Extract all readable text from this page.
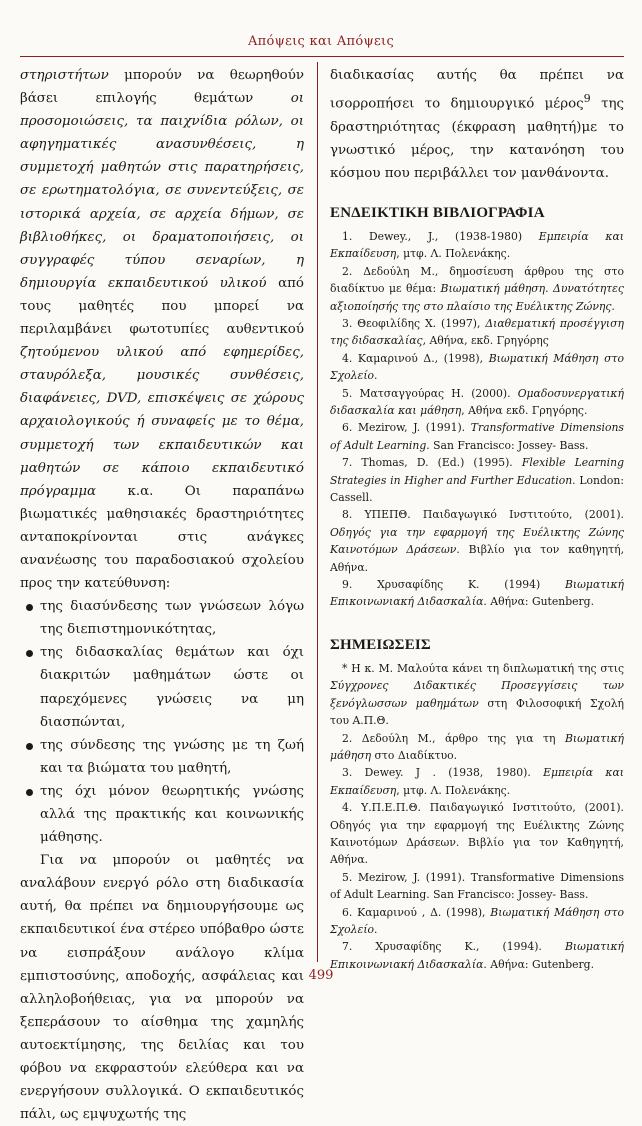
Απόψεις και Απόψεις

στηριστήτων μπορούν να θεωρηθούν βάσει επιλογής θεμάτων οι προσομοιώσεις, τα παιχνίδια ρόλων, οι αφηγηματικές ανασυνθέσεις, η συμμετοχή μαθητών στις παρατηρήσεις, σε ερωτηματολόγια, σε συνεντεύξεις, σε ιστορικά αρχεία, σε αρχεία δήμων, σε βιβλιοθήκες, οι δραματοποιήσεις, οι συγγραφές τύπου σεναρίων, η δημιουργία εκπαιδευτικού υλικού από τους μαθητές που μπορεί να περιλαμβάνει φωτοτυπίες αυθεντικού ζητούμενου υλικού από εφημερίδες, σταυρόλεξα, μουσικές συνθέσεις, διαφάνειες, DVD, επισκέψεις σε χώρους αρχαιολογικούς ή συναφείς με το θέμα, συμμετοχή των εκπαιδευτικών και μαθητών σε κάποιο εκπαιδευτικό πρόγραμμα κ.α. Οι παραπάνω βιωματικές μαθησιακές δραστηριότητες ανταποκρίνονται στις ανάγκες ανανέωσης του παραδοσιακού σχολείου προς την κατεύθυνση:

της διασύνδεσης των γνώσεων λόγω της διεπιστημονικότητας,
της διδασκαλίας θεμάτων και όχι διακριτών μαθημάτων ώστε οι παρεχόμενες γνώσεις να μη διασπώνται,
της σύνδεσης της γνώσης με τη ζωή και τα βιώματα του μαθητή,
της όχι μόνον θεωρητικής γνώσης αλλά της πρακτικής και κοινωνικής μάθησης.

Για να μπορούν οι μαθητές να αναλάβουν ενεργό ρόλο στη διαδικασία αυτή, θα πρέπει να δημιουργήσουμε ως εκπαιδευτικοί ένα στέρεο υπόβαθρο ώστε να εισπράξουν ανάλογο κλίμα εμπιστοσύνης, αποδοχής, ασφάλειας και αλληλοβοήθειας, για να μπορούν να ξεπεράσουν το αίσθημα της χαμηλής αυτοεκτίμησης, της δειλίας και του φόβου να εκφραστούν ελεύθερα και να ενεργήσουν συλλογικά. Ο εκπαιδευτικός πάλι, ως εμψυχωτής της

διαδικασίας αυτής θα πρέπει να ισορροπήσει το δημιουργικό μέρος$^9$ της δραστηριότητας (έκφραση μαθητή)με το γνωστικό μέρος, την κατανόηση του κόσμου που περιβάλλει τον μανθάνοντα.

ΕΝΔΕΙΚΤΙΚΗ ΒΙΒΛΙΟΓΡΑΦΙΑ
1. Dewey., J., (1938-1980) Εμπειρία και Εκπαίδευση, μτφ. Λ. Πολενάκης.
2. Δεδούλη Μ., δημοσίευση άρθρου της στο διαδίκτυο με θέμα: Βιωματική μάθηση. Δυνατότητες αξιοποίησής της στο πλαίσιο της Ευέλικτης Ζώνης.
3. Θεοφιλίδης Χ. (1997), Διαθεματική προσέγγιση της διδασκαλίας, Αθήνα, εκδ. Γρηγόρης
4. Καμαρινού Δ., (1998), Βιωματική Μάθηση στο Σχολείο.
5. Ματσαγγούρας Η. (2000). Ομαδοσυνεργατική διδασκαλία και μάθηση, Αθήνα εκδ. Γρηγόρης.
6. Mezirow, J. (1991). Transformative Dimensions of Adult Learning. San Francisco: Jossey- Bass.
7. Thomas, D. (Ed.) (1995). Flexible Learning Strategies in Higher and Further Education. London: Cassell.
8. ΥΠΕΠΘ. Παιδαγωγικό Ινστιτούτο, (2001). Οδηγός για την εφαρμογή της Ευέλικτης Ζώνης Καινοτόμων Δράσεων. Βιβλίο για τον καθηγητή, Αθήνα.
9. Χρυσαφίδης Κ. (1994) Βιωματική Επικοινωνιακή Διδασκαλία. Αθήνα: Gutenberg.
ΣΗΜΕΙΩΣΕΙΣ
* Η κ. Μ. Μαλούτα κάνει τη διπλωματική της στις Σύγχρονες Διδακτικές Προσεγγίσεις των ξενόγλωσσων μαθημάτων στη Φιλοσοφική Σχολή του Α.Π.Θ.
2. Δεδούλη Μ., άρθρο της για τη Βιωματική μάθηση στο Διαδίκτυο.
3. Dewey. J . (1938, 1980). Εμπειρία και Εκπαίδευση, μτφ. Λ. Πολενάκης.
4. Υ.Π.Ε.Π.Θ. Παιδαγωγικό Ινστιτούτο, (2001). Οδηγός για την εφαρμογή της Ευέλικτης Ζώνης Καινοτόμων Δράσεων. Βιβλίο για τον Καθηγητή, Αθήνα.
5. Mezirow, J. (1991). Transformative Dimensions of Adult Learning. San Francisco: Jossey- Bass.
6. Καμαρινού , Δ. (1998), Βιωματική Μάθηση στο Σχολείο.
7. Χρυσαφίδης Κ., (1994). Βιωματική Επικοινωνιακή Διδασκαλία. Αθήνα: Gutenberg.
499
